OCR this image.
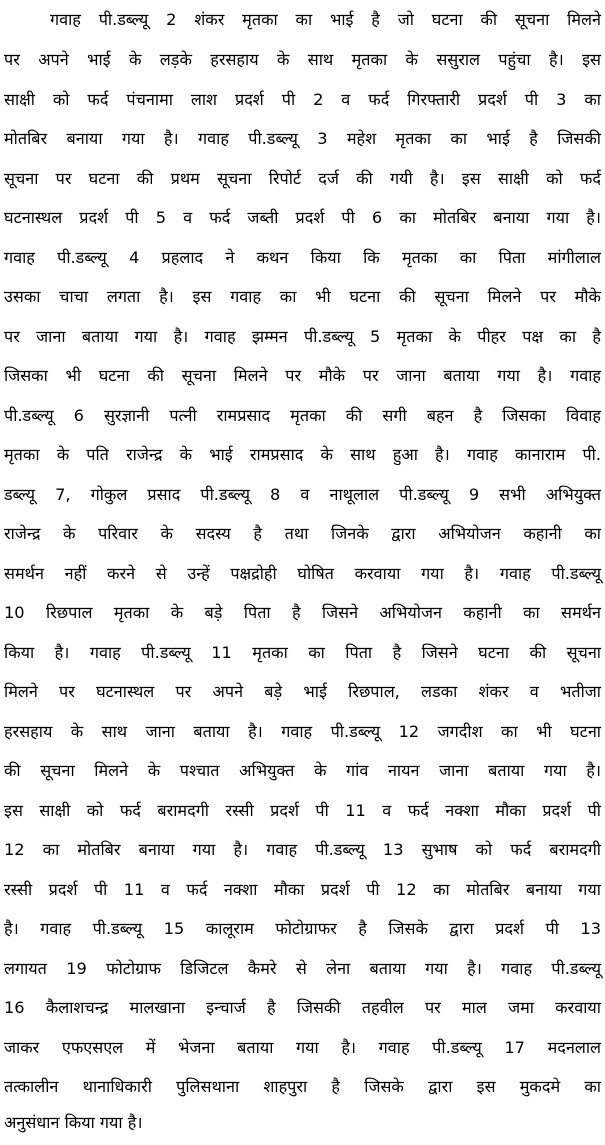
गवाह पी.डब्ल्यू 2 शंकर मृतका का भाई है जो घटना की सूचना मिलने
पर अपने भाई के लड़के हरसहाय के साथ मृतका के ससुराल पहुंचा है। इस
साक्षी को फर्द पंचनामा लाश प्रदर्श पी 2 व फर्द गिरफ्तारी प्रदर्श पी 3 का
मोतबिर बनाया गया है। गवाह पी.डब्ल्यू 3 महेश मृतका का भाई है जिसकी
सूचना पर घटना की प्रथम सूचना रिपोर्ट दर्ज की गयी है। इस साक्षी को फर्द
घटनास्थल प्रदर्श पी 5 व फर्द जब्ती प्रदर्श पी 6 का मोतबिर बनाया गया है।
गवाह पी.डब्ल्यू 4 प्रहलाद ने कथन किया कि मृतका का पिता मांगीलाल
उसका चाचा लगता है। इस गवाह का भी घटना की सूचना मिलने पर मौके
पर जाना बताया गया है। गवाह झम्मन पी.डब्ल्यू 5 मृतका के पीहर पक्ष का है
जिसका भी घटना की सूचना मिलने पर मौके पर जाना बताया गया है। गवाह
पी.डब्ल्यू 6 सुरज्ञानी पत्नी रामप्रसाद मृतका की सगी बहन है जिसका विवाह
मृतका के पति राजेन्द्र के भाई रामप्रसाद के साथ हुआ है। गवाह कानाराम पी.
डब्ल्यू 7, गोकुल प्रसाद पी.डब्ल्यू 8 व नाथूलाल पी.डब्ल्यू 9 सभी अभियुक्त
राजेन्द्र के परिवार के सदस्य है तथा जिनके द्वारा अभियोजन कहानी का
समर्थन नहीं करने से उन्हें पक्षद्रोही घोषित करवाया गया है। गवाह पी.डब्ल्यू
10 रिछपाल मृतका के बड़े पिता है जिसने अभियोजन कहानी का समर्थन
किया है। गवाह पी.डब्ल्यू 11 मृतका का पिता है जिसने घटना की सूचना
मिलने पर घटनास्थल पर अपने बड़े भाई रिछपाल, लडका शंकर व भतीजा
हरसहाय के साथ जाना बताया है। गवाह पी.डब्ल्यू 12 जगदीश का भी घटना
की सूचना मिलने के पश्चात अभियुक्त के गांव नायन जाना बताया गया है।
इस साक्षी को फर्द बरामदगी रस्सी प्रदर्श पी 11 व फर्द नक्शा मौका प्रदर्श पी
12 का मोतबिर बनाया गया है। गवाह पी.डब्ल्यू 13 सुभाष को फर्द बरामदगी
रस्सी प्रदर्श पी 11 व फर्द नक्शा मौका प्रदर्श पी 12 का मोतबिर बनाया गया
है। गवाह पी.डब्ल्यू 15 कालूराम फोटोग्राफर है जिसके द्वारा प्रदर्श पी 13
लगायत 19 फोटोग्राफ डिजिटल कैमरे से लेना बताया गया है। गवाह पी.डब्ल्यू
16 कैलाशचन्द्र मालखाना इन्चार्ज है जिसकी तहवील पर माल जमा करवाया
जाकर एफएसएल में भेजना बताया गया है। गवाह पी.डब्ल्यू 17 मदनलाल
तत्कालीन थानाधिकारी पुलिसथाना शाहपुरा है जिसके द्वारा इस मुकदमे का
अनुसंधान किया गया है।
